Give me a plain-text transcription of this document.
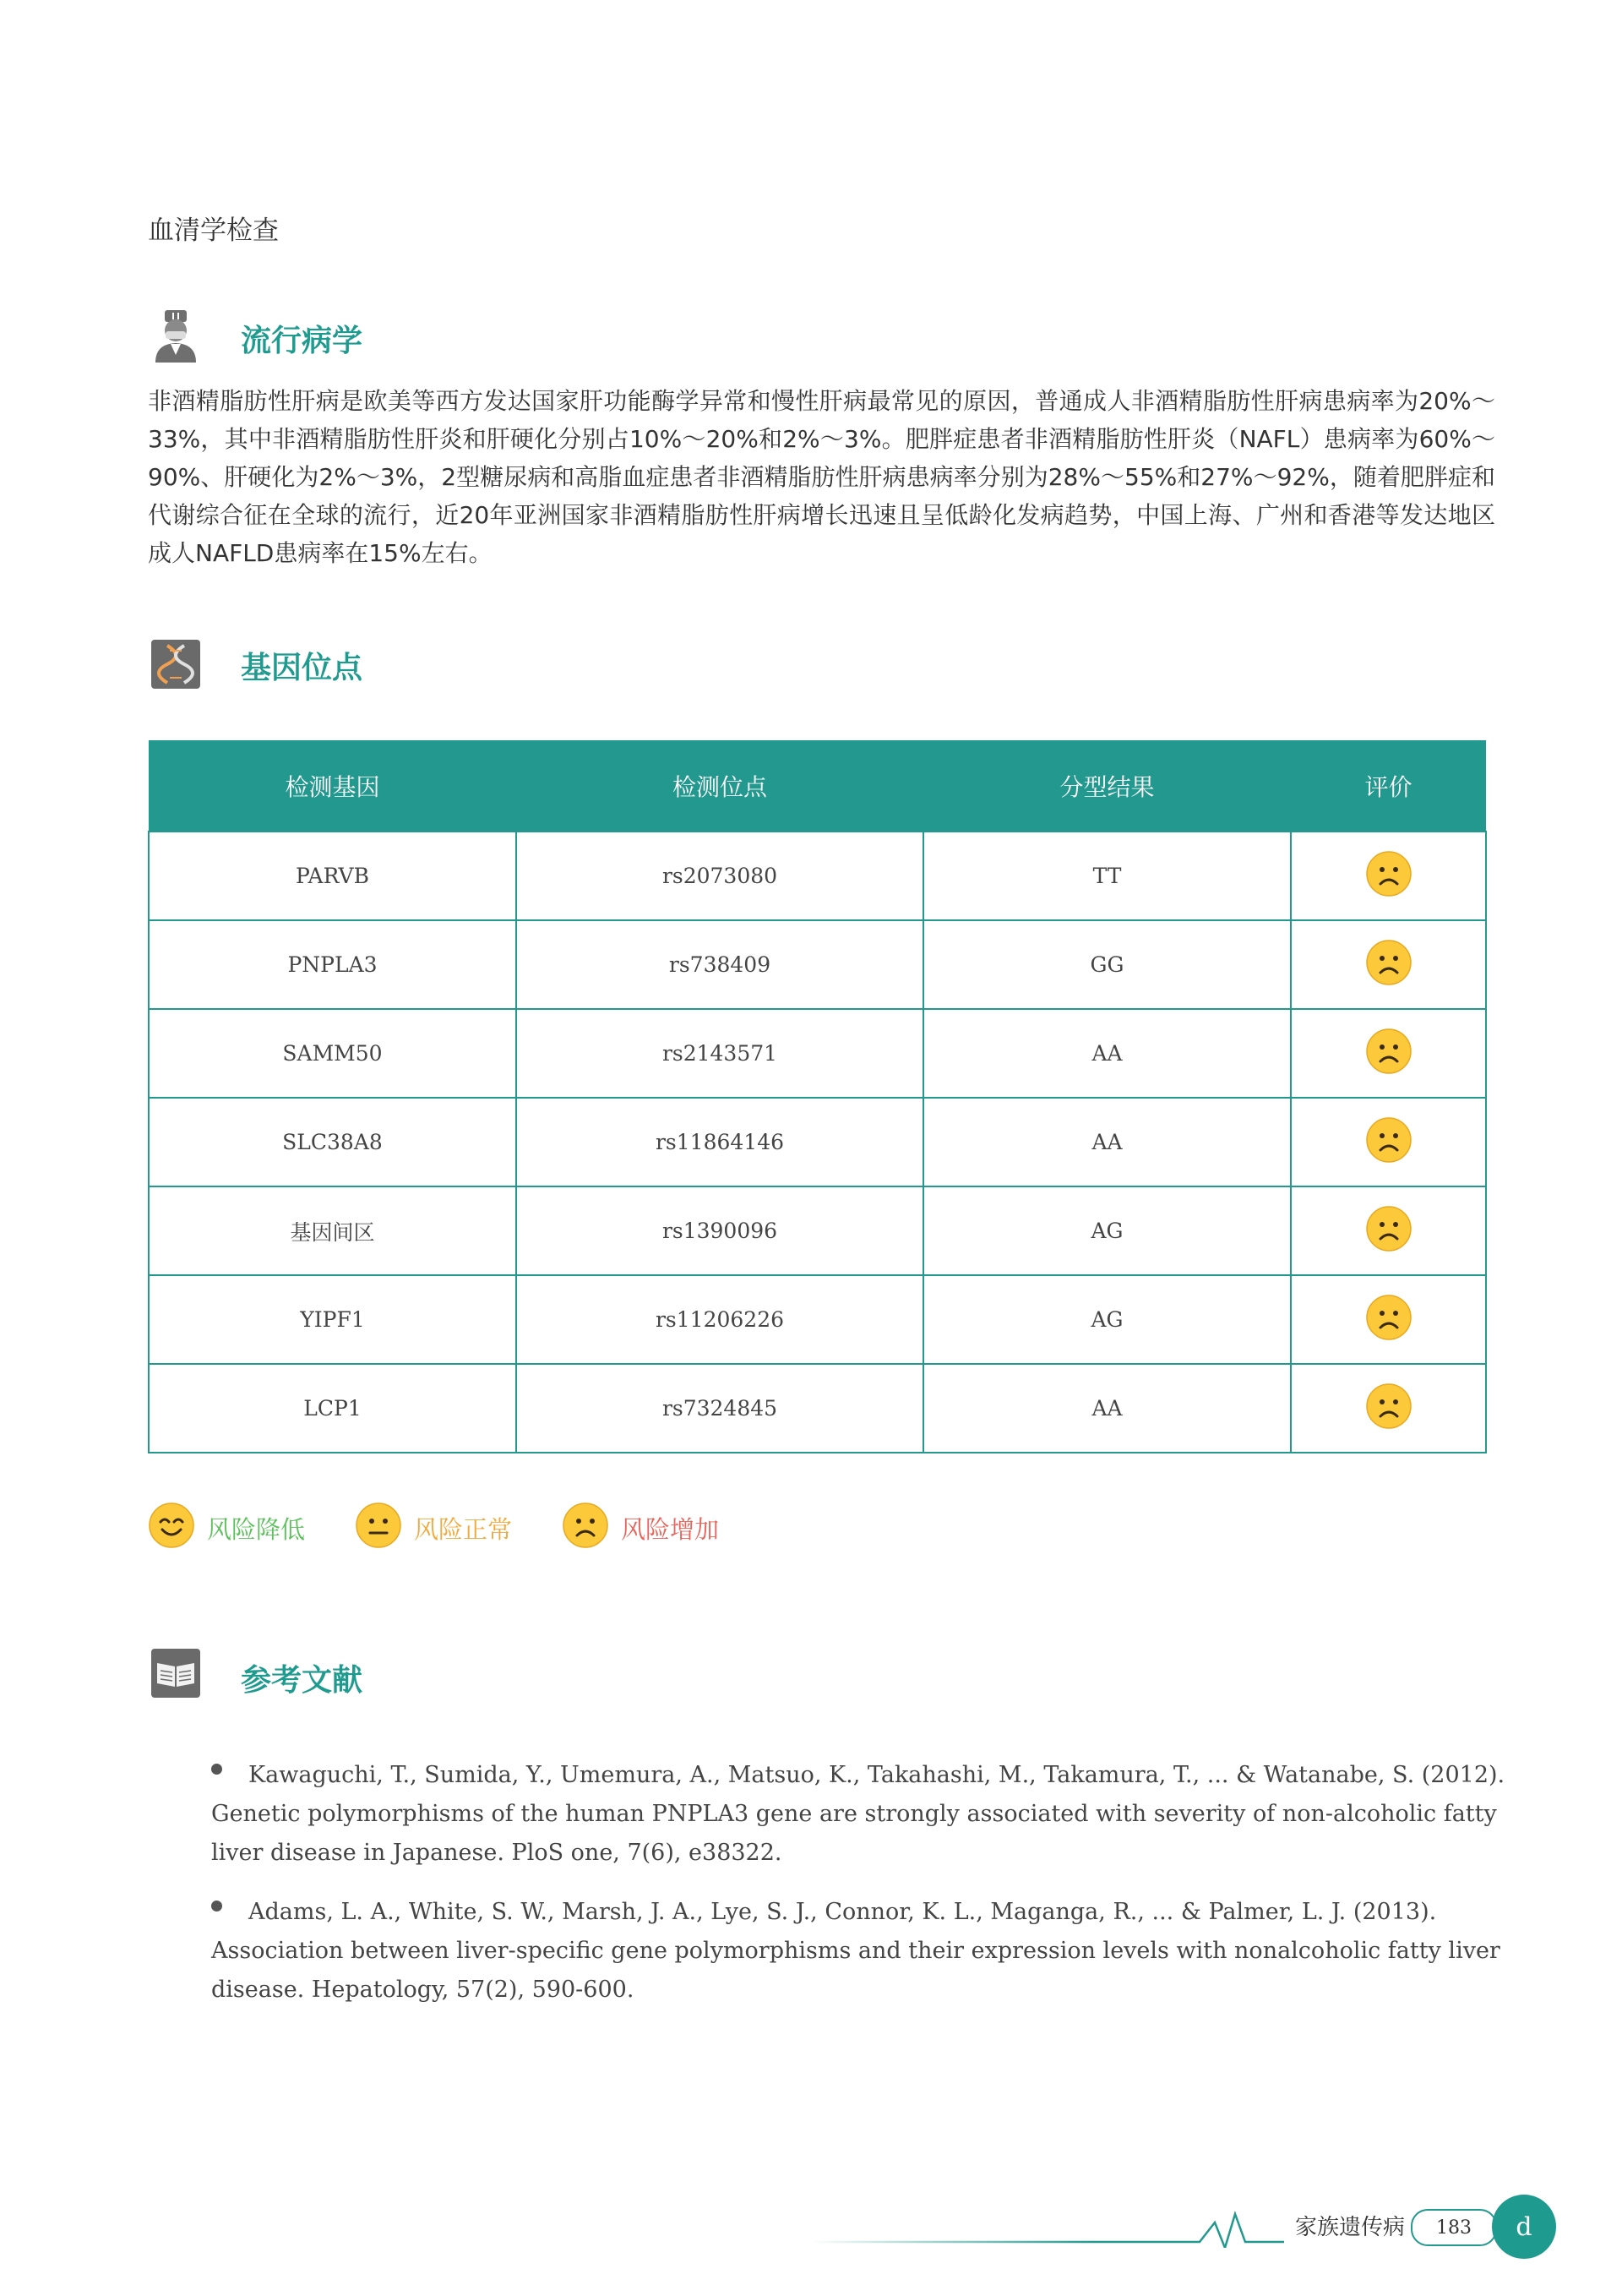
血清学检查
流行病学
非酒精脂肪性肝病是欧美等西方发达国家肝功能酶学异常和慢性肝病最常见的原因，普通成人非酒精脂肪性肝病患病率为20%～33%，其中非酒精脂肪性肝炎和肝硬化分别占10%～20%和2%～3%。肥胖症患者非酒精脂肪性肝炎（NAFL）患病率为60%～90%、肝硬化为2%～3%，2型糖尿病和高脂血症患者非酒精脂肪性肝病患病率分别为28%～55%和27%～92%，随着肥胖症和代谢综合征在全球的流行，近20年亚洲国家非酒精脂肪性肝病增长迅速且呈低龄化发病趋势，中国上海、广州和香港等发达地区成人NAFLD患病率在15%左右。
基因位点
检测基因	检测位点	分型结果	评价
PARVB	rs2073080	TT	
PNPLA3	rs738409	GG	
SAMM50	rs2143571	AA	
SLC38A8	rs11864146	AA	
基因间区	rs1390096	AG	
YIPF1	rs11206226	AG	
LCP1	rs7324845	AA	
风险降低	风险正常	风险增加
参考文献
Kawaguchi, T., Sumida, Y., Umemura, A., Matsuo, K., Takahashi, M., Takamura, T., ... & Watanabe, S. (2012). Genetic polymorphisms of the human PNPLA3 gene are strongly associated with severity of non-alcoholic fatty liver disease in Japanese. PloS one, 7(6), e38322.
Adams, L. A., White, S. W., Marsh, J. A., Lye, S. J., Connor, K. L., Maganga, R., ... & Palmer, L. J. (2013). Association between liver-specific gene polymorphisms and their expression levels with nonalcoholic fatty liver disease. Hepatology, 57(2), 590-600.
家族遗传病	183	d
